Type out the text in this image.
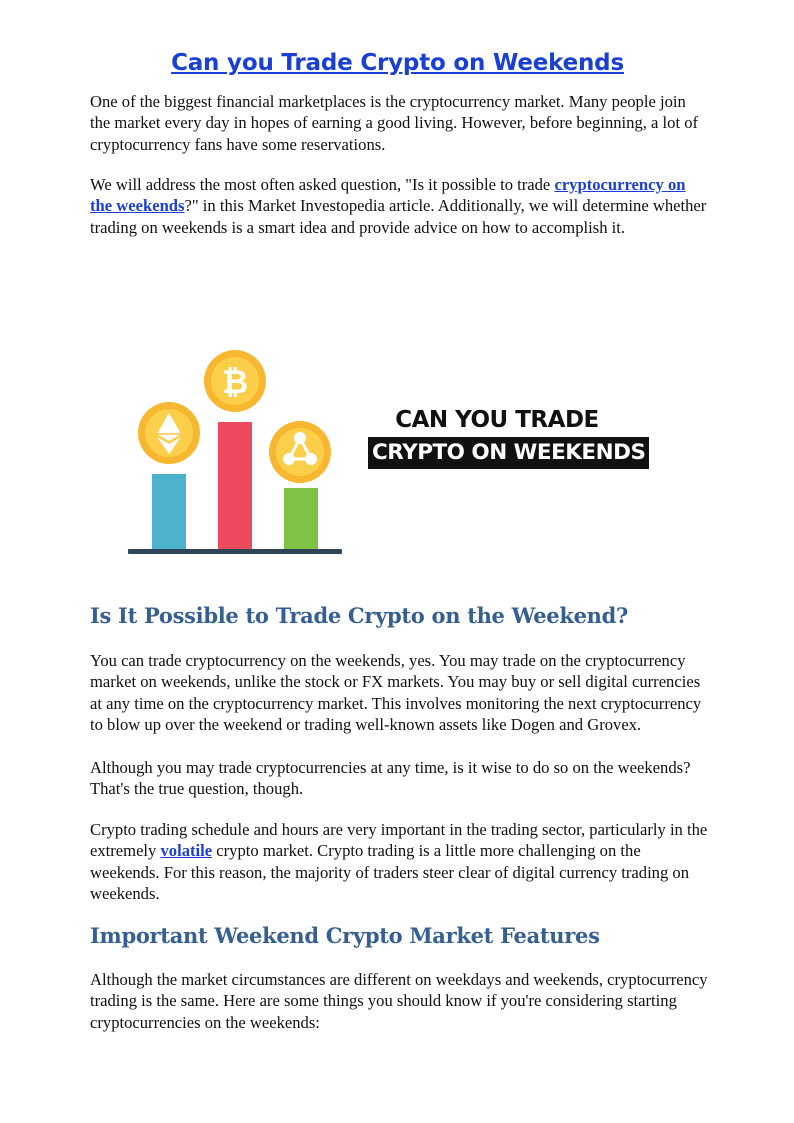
Can you Trade Crypto on Weekends

One of the biggest financial marketplaces is the cryptocurrency market. Many people join the market every day in hopes of earning a good living. However, before beginning, a lot of cryptocurrency fans have some reservations.

We will address the most often asked question, "Is it possible to trade cryptocurrency on the weekends?" in this Market Investopedia article. Additionally, we will determine whether trading on weekends is a smart idea and provide advice on how to accomplish it.

Is It Possible to Trade Crypto on the Weekend?

You can trade cryptocurrency on the weekends, yes. You may trade on the cryptocurrency market on weekends, unlike the stock or FX markets. You may buy or sell digital currencies at any time on the cryptocurrency market. This involves monitoring the next cryptocurrency to blow up over the weekend or trading well-known assets like Dogen and Grovex.

Although you may trade cryptocurrencies at any time, is it wise to do so on the weekends? That's the true question, though.

Crypto trading schedule and hours are very important in the trading sector, particularly in the extremely volatile crypto market. Crypto trading is a little more challenging on the weekends. For this reason, the majority of traders steer clear of digital currency trading on weekends.

Important Weekend Crypto Market Features

Although the market circumstances are different on weekdays and weekends, cryptocurrency trading is the same. Here are some things you should know if you're considering starting cryptocurrencies on the weekends:

₿
CAN YOU TRADE
CRYPTO ON WEEKENDS
